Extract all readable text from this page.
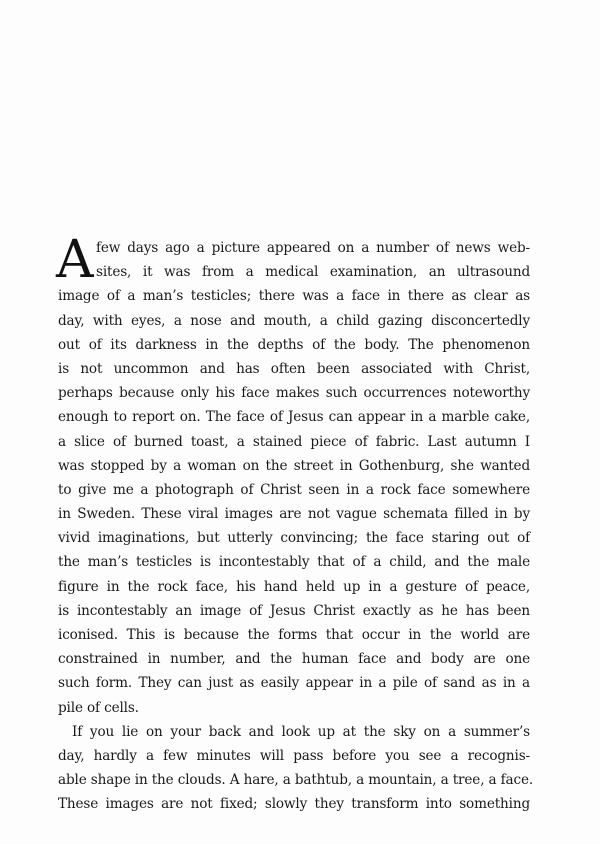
A few days ago a picture appeared on a number of news web-
sites, it was from a medical examination, an ultrasound
image of a man’s testicles; there was a face in there as clear as
day, with eyes, a nose and mouth, a child gazing disconcertedly
out of its darkness in the depths of the body. The phenomenon
is not uncommon and has often been associated with Christ,
perhaps because only his face makes such occurrences noteworthy
enough to report on. The face of Jesus can appear in a marble cake,
a slice of burned toast, a stained piece of fabric. Last autumn I
was stopped by a woman on the street in Gothenburg, she wanted
to give me a photograph of Christ seen in a rock face somewhere
in Sweden. These viral images are not vague schemata filled in by
vivid imaginations, but utterly convincing; the face staring out of
the man’s testicles is incontestably that of a child, and the male
figure in the rock face, his hand held up in a gesture of peace,
is incontestably an image of Jesus Christ exactly as he has been
iconised. This is because the forms that occur in the world are
constrained in number, and the human face and body are one
such form. They can just as easily appear in a pile of sand as in a
pile of cells.
If you lie on your back and look up at the sky on a summer’s
day, hardly a few minutes will pass before you see a recognis-
able shape in the clouds. A hare, a bathtub, a mountain, a tree, a face.
These images are not fixed; slowly they transform into something
